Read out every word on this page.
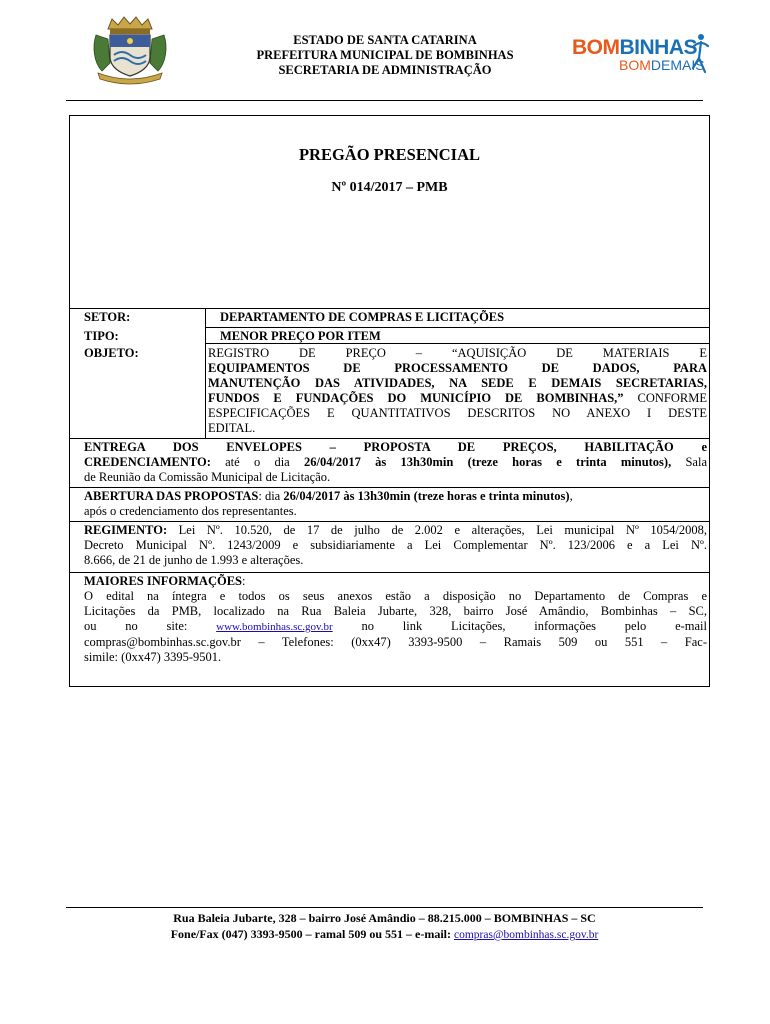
ESTADO DE SANTA CATARINA
PREFEITURA MUNICIPAL DE BOMBINHAS
SECRETARIA DE ADMINISTRAÇÃO
BOMBINHAS
BOMDEMAIS
PREGÃO PRESENCIAL
Nº 014/2017 – PMB
SETOR:
TIPO:
OBJETO:
DEPARTAMENTO DE COMPRAS E LICITAÇÕES
MENOR PREÇO POR ITEM
REGISTRO DE PREÇO – “AQUISIÇÃO DE MATERIAIS E
EQUIPAMENTOS DE PROCESSAMENTO DE DADOS, PARA
MANUTENÇÃO DAS ATIVIDADES, NA SEDE E DEMAIS SECRETARIAS,
FUNDOS E FUNDAÇÕES DO MUNICÍPIO DE BOMBINHAS,” CONFORME
ESPECIFICAÇÕES E QUANTITATIVOS DESCRITOS NO ANEXO I DESTE
EDITAL.
ENTREGA DOS ENVELOPES – PROPOSTA DE PREÇOS, HABILITAÇÃO e
CREDENCIAMENTO: até o dia 26/04/2017 às 13h30min (treze horas e trinta minutos), Sala
de Reunião da Comissão Municipal de Licitação.
ABERTURA DAS PROPOSTAS: dia 26/04/2017 às 13h30min (treze horas e trinta minutos),
após o credenciamento dos representantes.
REGIMENTO: Lei Nº. 10.520, de 17 de julho de 2.002 e alterações, Lei municipal Nº 1054/2008,
Decreto Municipal Nº. 1243/2009 e subsidiariamente a Lei Complementar Nº. 123/2006 e a Lei Nº.
8.666, de 21 de junho de 1.993 e alterações.
MAIORES INFORMAÇÕES:
O edital na íntegra e todos os seus anexos estão a disposição no Departamento de Compras e
Licitações da PMB, localizado na Rua Baleia Jubarte, 328, bairro José Amândio, Bombinhas – SC,
ou no site:	www.bombinhas.sc.gov.br no link Licitações, informações pelo e-mail
compras@bombinhas.sc.gov.br – Telefones: (0xx47) 3393-9500 – Ramais 509 ou 551 – Fac-
simile: (0xx47) 3395-9501.
Rua Baleia Jubarte, 328 – bairro José Amândio – 88.215.000 – BOMBINHAS – SC
Fone/Fax (047) 3393-9500 – ramal 509 ou 551 – e-mail: compras@bombinhas.sc.gov.br
